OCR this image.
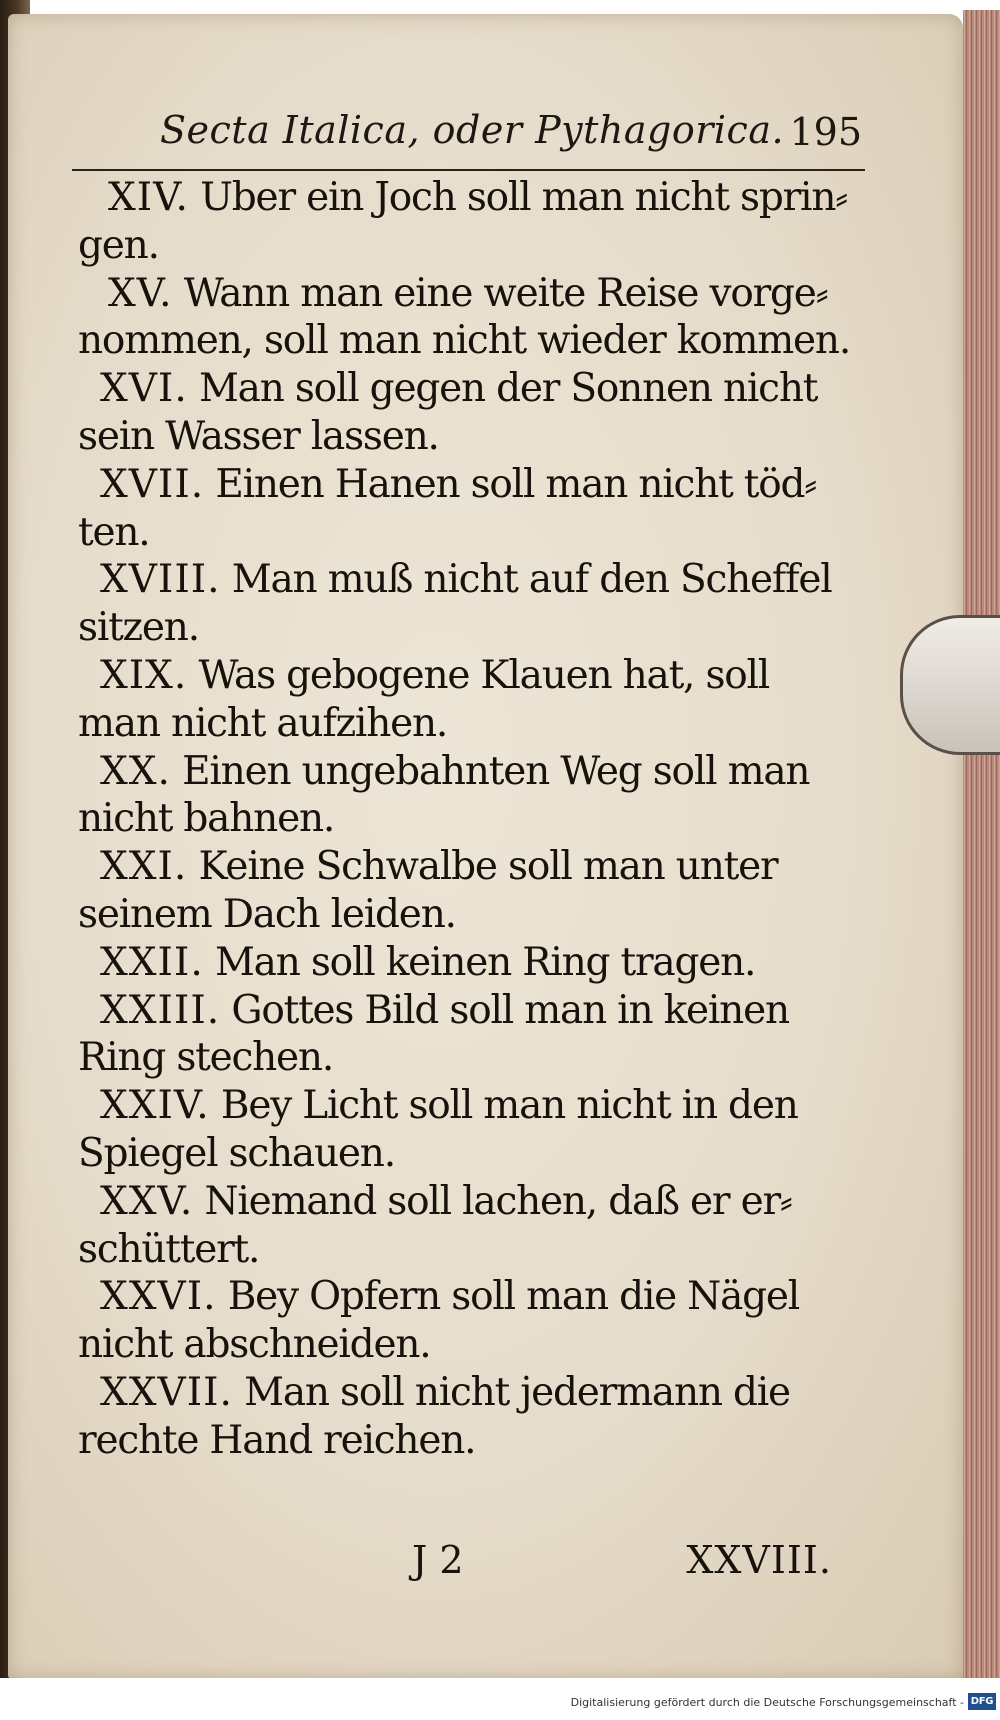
Secta Italica, oder Pythagorica. 195
XIV. Uber ein Joch soll man nicht sprin⸗
gen.
XV. Wann man eine weite Reise vorge⸗
nommen, soll man nicht wieder kommen.
XVI. Man soll gegen der Sonnen nicht
sein Wasser lassen.
XVII. Einen Hanen soll man nicht töd⸗
ten.
XVIII. Man muß nicht auf den Scheffel
sitzen.
XIX. Was gebogene Klauen hat, soll
man nicht aufzihen.
XX. Einen ungebahnten Weg soll man
nicht bahnen.
XXI. Keine Schwalbe soll man unter
seinem Dach leiden.
XXII. Man soll keinen Ring tragen.
XXIII. Gottes Bild soll man in keinen
Ring stechen.
XXIV. Bey Licht soll man nicht in den
Spiegel schauen.
XXV. Niemand soll lachen, daß er er⸗
schüttert.
XXVI. Bey Opfern soll man die Nägel
nicht abschneiden.
XXVII. Man soll nicht jedermann die
rechte Hand reichen.
J 2	XXVIII.
Digitalisierung gefördert durch die Deutsche Forschungsgemeinschaft - DFG
